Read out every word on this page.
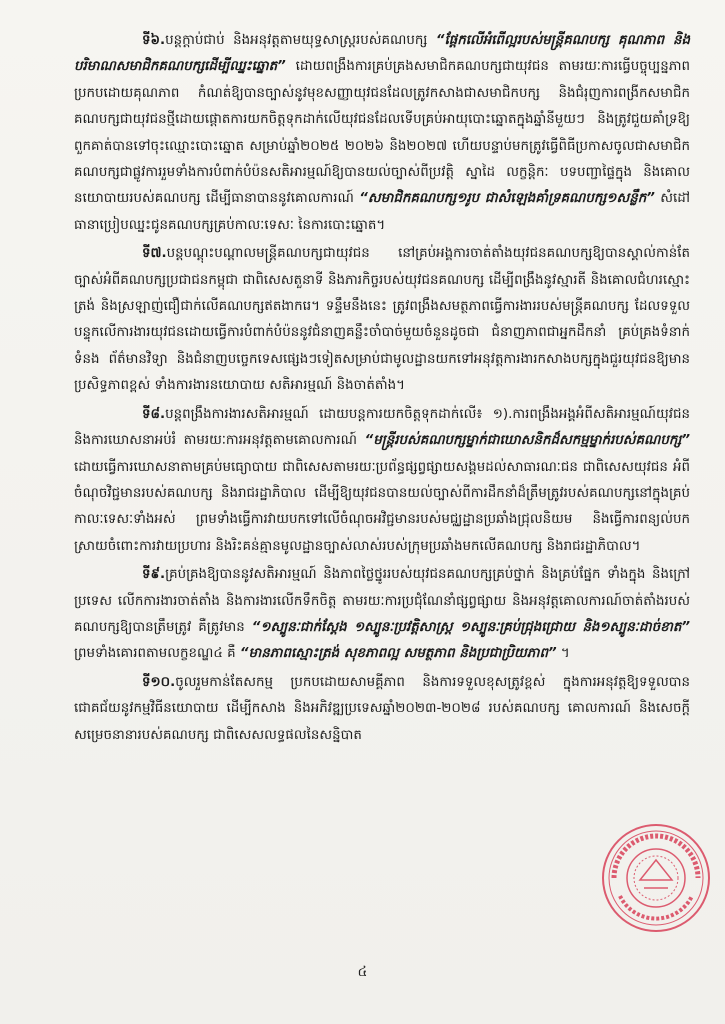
ទី៦.បន្តក្តាប់ជាប់ និងអនុវត្តតាមយុទ្ធសាស្ត្ររបស់គណបក្ស “ផ្តែកលើអំពើល្អរបស់មន្ត្រីគណបក្ស គុណភាព និងបរិមាណសមាជិកគណបក្សដើម្បីឈ្នះឆ្នោត” ដោយពង្រឹងការគ្រប់គ្រងសមាជិកគណបក្សជាយុវជន តាមរយៈការធ្វើបច្ចុប្បន្នភាពប្រកបដោយគុណភាព កំណត់ឱ្យបានច្បាស់នូវមុខសញ្ញាយុវជនដែលត្រូវកសាងជាសមាជិកបក្ស និងជំរុញការពង្រីកសមាជិកគណបក្សជាយុវជនថ្មីដោយផ្តោតការយកចិត្តទុកដាក់លើយុវជនដែលទើបគ្រប់អាយុបោះឆ្នោតក្នុងឆ្នាំនីមួយៗ និងត្រូវជួយគាំទ្រឱ្យពួកគាត់បានទៅចុះឈ្មោះបោះឆ្នោត សម្រាប់ឆ្នាំ២០២៥ ២០២៦ និង២០២៧ ហើយបន្ទាប់មកត្រូវធ្វើពិធីប្រកាសចូលជាសមាជិកគណបក្សជាផ្លូវការរួមទាំងការបំពាក់បំប៉នសតិអារម្មណ៍ឱ្យបានយល់ច្បាស់ពីប្រវត្តិ ស្នាដៃ លក្ខន្តិកៈ បទបញ្ជាផ្ទៃក្នុង និងគោលនយោបាយរបស់គណបក្ស ដើម្បីធានាបាននូវគោលការណ៍ “សមាជិកគណបក្ស១រូប ជាសំឡេងគាំទ្រគណបក្ស១សន្លឹក” សំដៅធានាប្រៀបឈ្នះជូនគណបក្សគ្រប់កាលៈទេសៈ នៃការបោះឆ្នោត។

ទី៧.បន្តបណ្តុះបណ្តាលមន្ត្រីគណបក្សជាយុវជន នៅគ្រប់អង្គការចាត់តាំងយុវជនគណបក្សឱ្យបានស្គាល់កាន់តែច្បាស់អំពីគណបក្សប្រជាជនកម្ពុជា ជាពិសេសតួនាទី និងភារកិច្ចរបស់យុវជនគណបក្ស ដើម្បីពង្រឹងនូវស្មារតី និងគោលជំហរស្មោះត្រង់ និងស្រឡាញ់ជឿជាក់លើគណបក្សឥតងាករេ។ ទន្ទឹមនឹងនេះ ត្រូវពង្រឹងសមត្ថភាពធ្វើការងាររបស់មន្ត្រីគណបក្ស ដែលទទួលបន្ទុកលើការងារយុវជនដោយធ្វើការបំពាក់បំប៉ននូវជំនាញគន្លឹះចាំបាច់មួយចំនួនដូចជា ជំនាញភាពជាអ្នកដឹកនាំ គ្រប់គ្រងទំនាក់ទំនង ព័ត៌មានវិទ្យា និងជំនាញបច្ចេកទេសផ្សេងៗទៀតសម្រាប់ជាមូលដ្ឋានយកទៅអនុវត្តការងារកសាងបក្សក្នុងជួរយុវជនឱ្យមានប្រសិទ្ធភាពខ្ពស់ ទាំងការងារនយោបាយ សតិអារម្មណ៍ និងចាត់តាំង។

ទី៨.បន្តពង្រឹងការងារសតិអារម្មណ៍ ដោយបន្តការយកចិត្តទុកដាក់លើ៖ ១).ការពង្រឹងអង្គអំពីសតិអារម្មណ៍យុវជន និងការឃោសនាអប់រំ តាមរយៈការអនុវត្តតាមគោលការណ៍ “មន្ត្រីរបស់គណបក្សម្នាក់ជាឃោសនិកដ៏សកម្មម្នាក់របស់គណបក្ស” ដោយធ្វើការឃោសនាតាមគ្រប់មធ្យោបាយ ជាពិសេសតាមរយៈប្រព័ន្ធផ្សព្វផ្សាយសង្គមដល់សាធារណៈជន ជាពិសេសយុវជន អំពីចំណុចវិជ្ជមានរបស់គណបក្ស និងរាជរដ្ឋាភិបាល ដើម្បីឱ្យយុវជនបានយល់ច្បាស់ពីការដឹកនាំដ៏ត្រឹមត្រូវរបស់គណបក្សនៅក្នុងគ្រប់កាលៈទេសៈទាំងអស់ ព្រមទាំងធ្វើការវាយបកទៅលើចំណុចអវិជ្ជមានរបស់មជ្ឈដ្ឋានប្រឆាំងជ្រុលនិយម និងធ្វើការពន្យល់បកស្រាយចំពោះការវាយប្រហារ និងរិះគន់គ្មានមូលដ្ឋានច្បាស់លាស់របស់ក្រុមប្រឆាំងមកលើគណបក្ស និងរាជរដ្ឋាភិបាល។

ទី៩.គ្រប់គ្រងឱ្យបាននូវសតិអារម្មណ៍ និងភាពថ្លៃថ្នូររបស់យុវជនគណបក្សគ្រប់ថ្នាក់ និងគ្រប់ផ្នែក ទាំងក្នុង និងក្រៅប្រទេស លើកការងារចាត់តាំង និងការងារលើកទឹកចិត្ត តាមរយៈការប្រជុំណែនាំផ្សព្វផ្សាយ និងអនុវត្តគោលការណ៍ចាត់តាំងរបស់គណបក្សឱ្យបានត្រឹមត្រូវ គឺត្រូវមាន “១ស្បូនៈជាក់ស្តែង ១ស្បូនៈប្រវត្តិសាស្ត្រ ១ស្បូនៈគ្រប់ជ្រុងជ្រោយ និង១ស្បូនៈដាច់ខាត” ព្រមទាំងគោរពតាមលក្ខខណ្ឌ៤ គឺ “មានភាពស្មោះត្រង់ សុខភាពល្អ សមត្ថភាព និងប្រជាប្រិយភាព” ។

ទី១០.ចូលរួមកាន់តែសកម្ម ប្រកបដោយសាមគ្គីភាព និងការទទួលខុសត្រូវខ្ពស់ ក្នុងការអនុវត្តឱ្យទទួលបានជោគជ័យនូវកម្មវិធីនយោបាយ ដើម្បីកសាង និងអភិវឌ្ឍប្រទេសឆ្នាំ២០២៣-២០២៨ របស់គណបក្ស គោលការណ៍ និងសេចក្តីសម្រេចនានារបស់គណបក្ស ជាពិសេសលទ្ធផលនៃសន្និបាត

៤
